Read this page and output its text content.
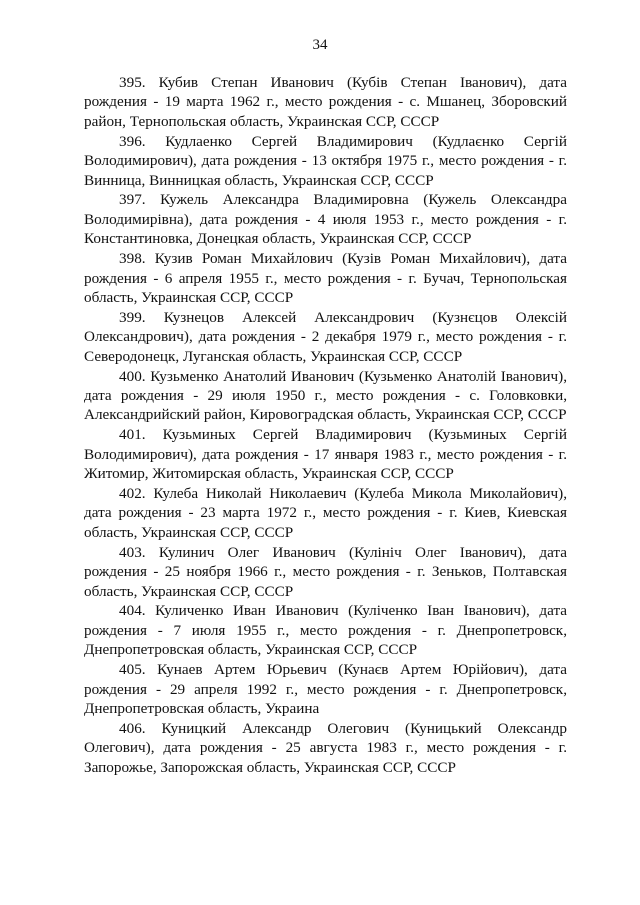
34

395. Кубив Степан Иванович (Кубів Степан Іванович), дата рождения - 19 марта 1962 г., место рождения - с. Мшанец, Зборовский район, Тернопольская область, Украинская ССР, СССР

396. Кудлаенко Сергей Владимирович (Кудлаєнко Сергій Володимирович), дата рождения - 13 октября 1975 г., место рождения - г. Винница, Винницкая область, Украинская ССР, СССР

397. Кужель Александра Владимировна (Кужель Олександра Володимирівна), дата рождения - 4 июля 1953 г., место рождения - г. Константиновка, Донецкая область, Украинская ССР, СССР

398. Кузив Роман Михайлович (Кузів Роман Михайлович), дата рождения - 6 апреля 1955 г., место рождения - г. Бучач, Тернопольская область, Украинская ССР, СССР

399. Кузнецов Алексей Александрович (Кузнєцов Олексій Олександрович), дата рождения - 2 декабря 1979 г., место рождения - г. Северодонецк, Луганская область, Украинская ССР, СССР

400. Кузьменко Анатолий Иванович (Кузьменко Анатолій Іванович), дата рождения - 29 июля 1950 г., место рождения - с. Головковки, Александрийский район, Кировоградская область, Украинская ССР, СССР

401. Кузьминых Сергей Владимирович (Кузьминых Сергій Володимирович), дата рождения - 17 января 1983 г., место рождения - г. Житомир, Житомирская область, Украинская ССР, СССР

402. Кулеба Николай Николаевич (Кулеба Микола Миколайович), дата рождения - 23 марта 1972 г., место рождения - г. Киев, Киевская область, Украинская ССР, СССР

403. Кулинич Олег Иванович (Кулініч Олег Іванович), дата рождения - 25 ноября 1966 г., место рождения - г. Зеньков, Полтавская область, Украинская ССР, СССР

404. Куличенко Иван Иванович (Куліченко Іван Іванович), дата рождения - 7 июля 1955 г., место рождения - г. Днепропетровск, Днепропетровская область, Украинская ССР, СССР

405. Кунаев Артем Юрьевич (Кунаєв Артем Юрійович), дата рождения - 29 апреля 1992 г., место рождения - г. Днепропетровск, Днепропетровская область, Украина

406. Куницкий Александр Олегович (Куницький Олександр Олегович), дата рождения - 25 августа 1983 г., место рождения - г. Запорожье, Запорожская область, Украинская ССР, СССР
